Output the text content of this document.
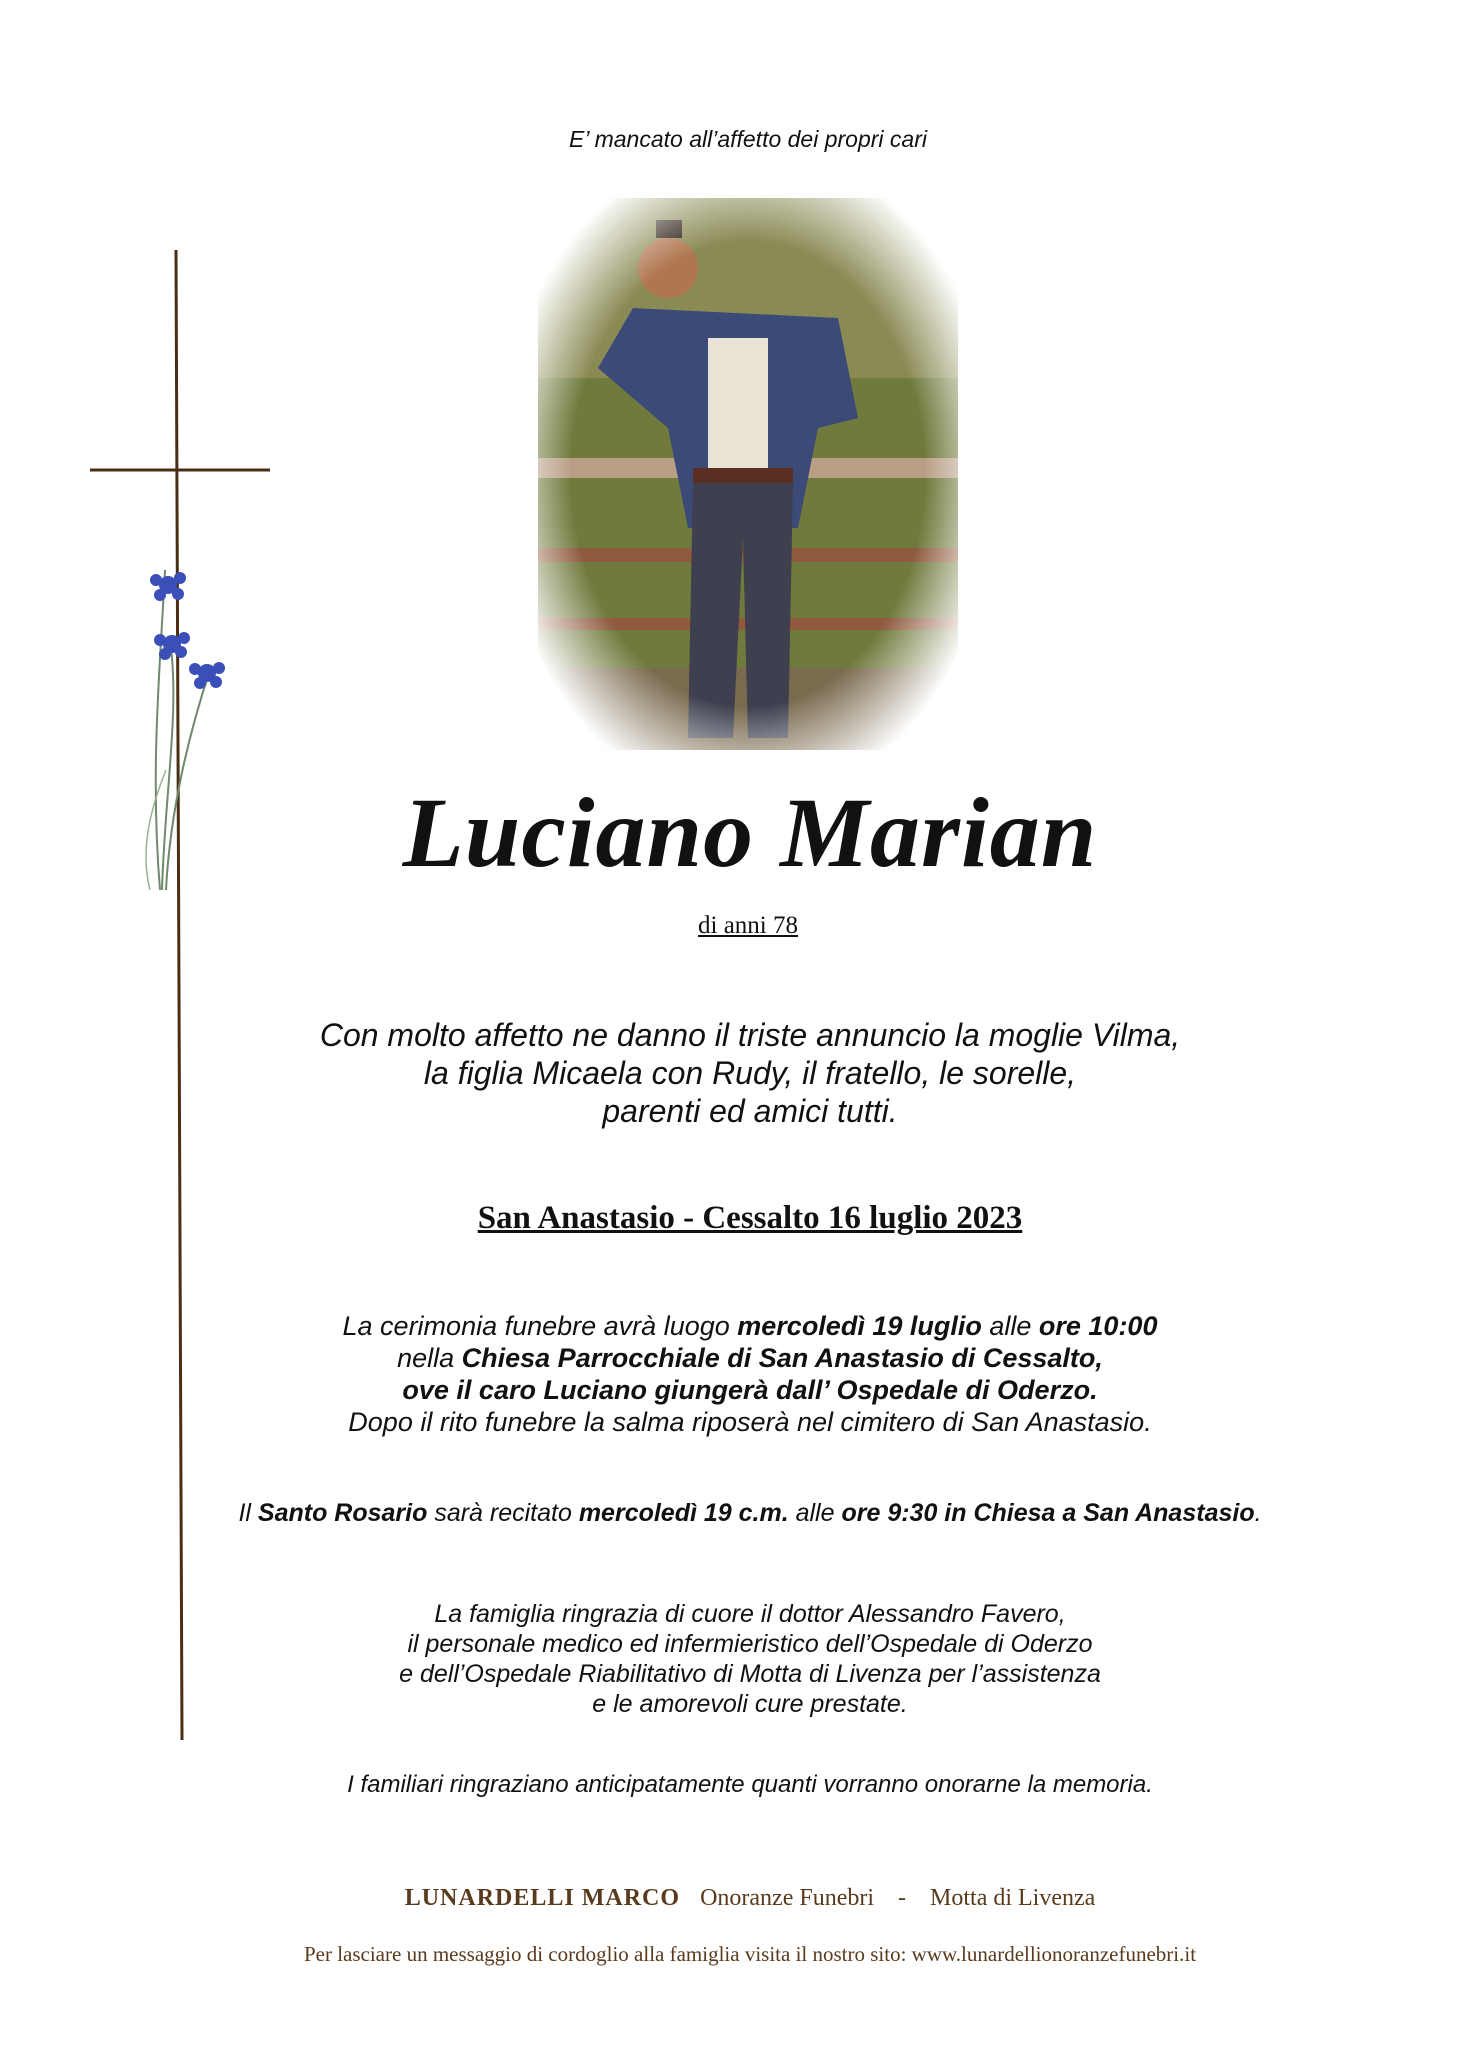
E’ mancato all’affetto dei propri cari
Luciano Marian
di anni 78
Con molto affetto ne danno il triste annuncio la moglie Vilma,
la figlia Micaela con Rudy, il fratello, le sorelle,
parenti ed amici tutti.
San Anastasio - Cessalto 16 luglio 2023
La cerimonia funebre avrà luogo mercoledì 19 luglio alle ore 10:00
nella Chiesa Parrocchiale di San Anastasio di Cessalto,
ove il caro Luciano giungerà dall’ Ospedale di Oderzo.
Dopo il rito funebre la salma riposerà nel cimitero di San Anastasio.
Il Santo Rosario sarà recitato mercoledì 19 c.m. alle ore 9:30 in Chiesa a San Anastasio.
La famiglia ringrazia di cuore il dottor Alessandro Favero,
il personale medico ed infermieristico dell’Ospedale di Oderzo
e dell’Ospedale Riabilitativo di Motta di Livenza per l’assistenza
e le amorevoli cure prestate.
I familiari ringraziano anticipatamente quanti vorranno onorarne la memoria.
LUNARDELLI MARCO Onoranze Funebri - Motta di Livenza
Per lasciare un messaggio di cordoglio alla famiglia visita il nostro sito: www.lunardellionoranzefunebri.it
